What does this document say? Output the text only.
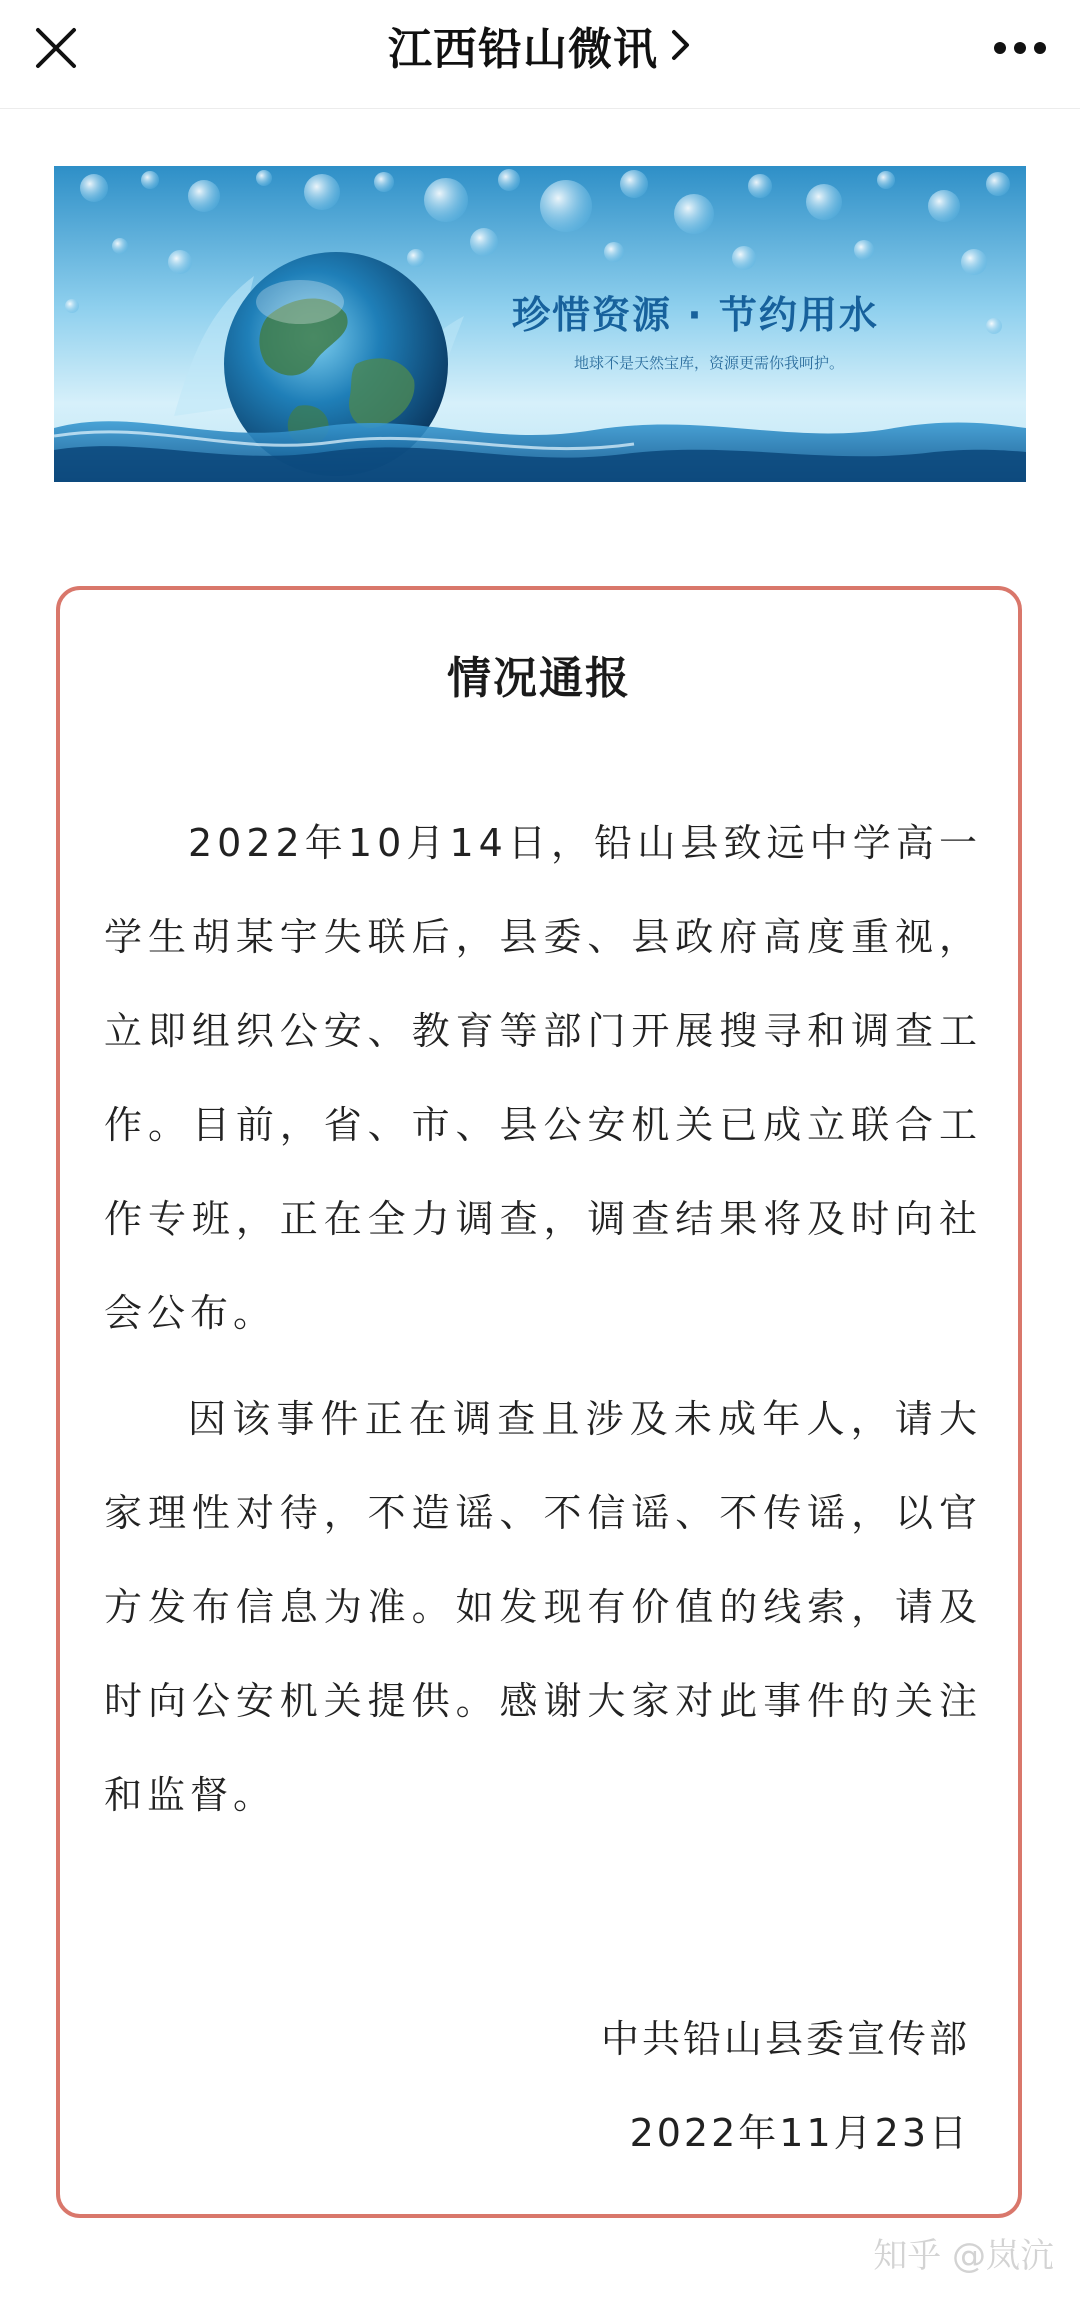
江西铅山微讯
珍惜资源 · 节约用水
地球不是天然宝库，资源更需你我呵护。
情况通报

2022年10月14日，铅山县致远中学高一学生胡某宇失联后，县委、县政府高度重视，立即组织公安、教育等部门开展搜寻和调查工作。目前，省、市、县公安机关已成立联合工作专班，正在全力调查，调查结果将及时向社会公布。

因该事件正在调查且涉及未成年人，请大家理性对待，不造谣、不信谣、不传谣，以官方发布信息为准。如发现有价值的线索，请及时向公安机关提供。感谢大家对此事件的关注和监督。

中共铅山县委宣传部
2022年11月23日
知乎 @岚沆
